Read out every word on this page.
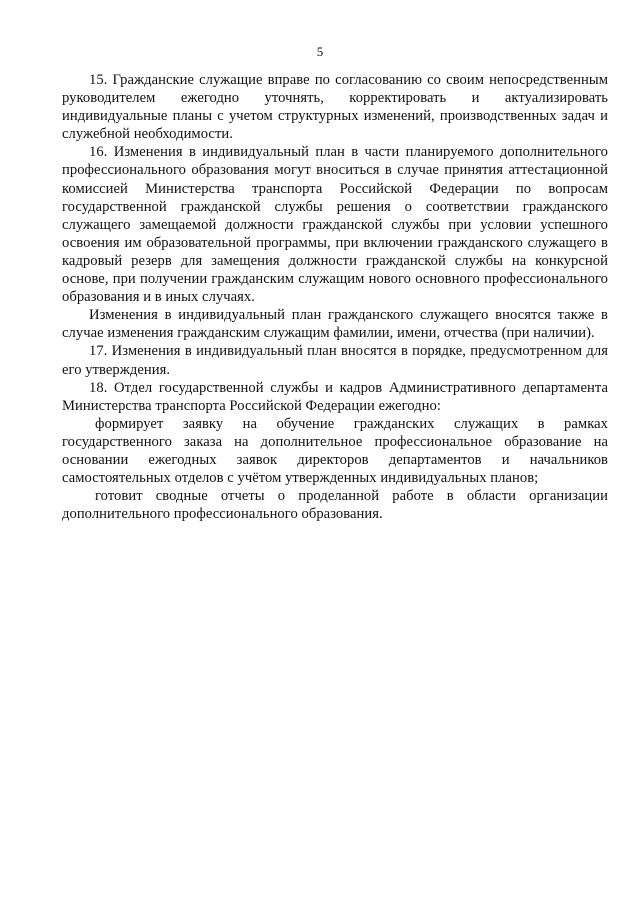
5

15. Гражданские служащие вправе по согласованию со своим непосредственным руководителем ежегодно уточнять, корректировать и актуализировать индивидуальные планы с учетом структурных изменений, производственных задач и служебной необходимости.

16. Изменения в индивидуальный план в части планируемого дополнительного профессионального образования могут вноситься в случае принятия аттестационной комиссией Министерства транспорта Российской Федерации по вопросам государственной гражданской службы решения о соответствии гражданского служащего замещаемой должности гражданской службы при условии успешного освоения им образовательной программы, при включении гражданского служащего в кадровый резерв для замещения должности гражданской службы на конкурсной основе, при получении гражданским служащим нового основного профессионального образования и в иных случаях.

Изменения в индивидуальный план гражданского служащего вносятся также в случае изменения гражданским служащим фамилии, имени, отчества (при наличии).

17. Изменения в индивидуальный план вносятся в порядке, предусмотренном для его утверждения.

18. Отдел государственной службы и кадров Административного департамента Министерства транспорта Российской Федерации ежегодно:

формирует заявку на обучение гражданских служащих в рамках государственного заказа на дополнительное профессиональное образование на основании ежегодных заявок директоров департаментов и начальников самостоятельных отделов с учётом утвержденных индивидуальных планов;

готовит сводные отчеты о проделанной работе в области организации дополнительного профессионального образования.
